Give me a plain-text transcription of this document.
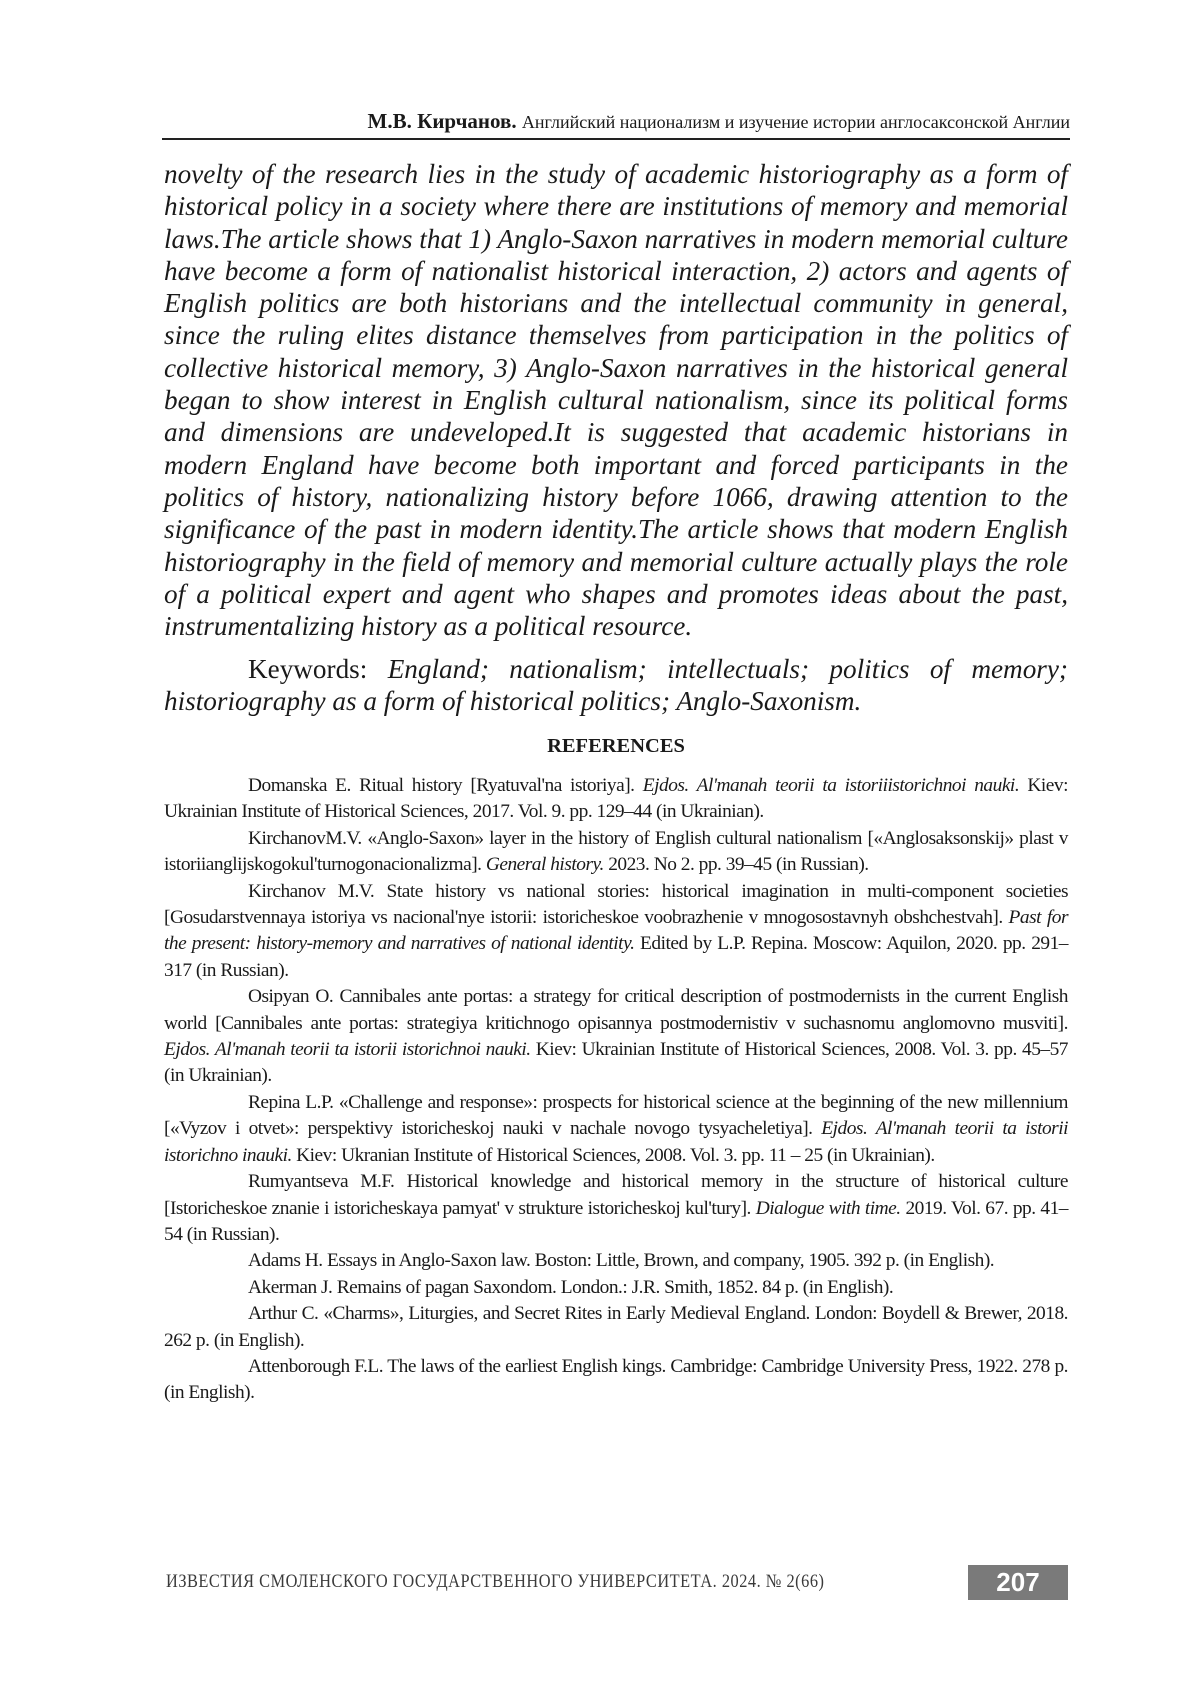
М.В. Кирчанов. Английский национализм и изучение истории англосаксонской Англии

novelty of the research lies in the study of academic historiography as a form of historical policy in a society where there are institutions of memory and memorial laws.The article shows that 1) Anglo-Saxon narratives in modern memorial culture have become a form of nationalist historical interaction, 2) actors and agents of English politics are both historians and the intellectual community in general, since the ruling elites distance themselves from participation in the politics of collective historical memory, 3) Anglo-Saxon narratives in the historical general began to show interest in English cultural nationalism, since its political forms and dimensions are undeveloped.It is suggested that academic historians in modern England have become both important and forced participants in the politics of history, nationalizing history before 1066, drawing attention to the significance of the past in modern identity.The article shows that modern English historiography in the field of memory and memorial culture actually plays the role of a political expert and agent who shapes and promotes ideas about the past, instrumentalizing history as a political resource.

Keywords: England; nationalism; intellectuals; politics of memory; historiography as a form of historical politics; Anglo-Saxonism.

REFERENCES
Domanska E. Ritual history [Ryatuval'na istoriya]. Ejdos. Al'manah teorii ta istoriiistorichnoi nauki. Kiev: Ukrainian Institute of Historical Sciences, 2017. Vol. 9. pp. 129–44 (in Ukrainian).
KirchanovM.V. «Anglo-Saxon» layer in the history of English cultural nationalism [«Anglosaksonskij» plast v istoriianglijskogokul'turnogonacionalizma]. General history. 2023. No 2. pp. 39–45 (in Russian).
Kirchanov M.V. State history vs national stories: historical imagination in multi-component societies [Gosudarstvennaya istoriya vs nacional'nye istorii: istoricheskoe voobrazhenie v mnogosostavnyh obshchestvah]. Past for the present: history-memory and narratives of national identity. Edited by L.P. Repina. Moscow: Aquilon, 2020. pp. 291–317 (in Russian).
Osipyan O. Cannibales ante portas: a strategy for critical description of postmodernists in the current English world [Cannibales ante portas: strategiya kritichnogo opisannya postmodernistiv v suchasnomu anglomovno musviti]. Ejdos. Al'manah teorii ta istorii istorichnoi nauki. Kiev: Ukrainian Institute of Historical Sciences, 2008. Vol. 3. pp. 45–57 (in Ukrainian).
Repina L.P. «Challenge and response»: prospects for historical science at the beginning of the new millennium [«Vyzov i otvet»: perspektivy istoricheskoj nauki v nachale novogo tysyacheletiya]. Ejdos. Al'manah teorii ta istorii istorichno inauki. Kiev: Ukranian Institute of Historical Sciences, 2008. Vol. 3. pp. 11 – 25 (in Ukrainian).
Rumyantseva M.F. Historical knowledge and historical memory in the structure of historical culture [Istoricheskoe znanie i istoricheskaya pamyat' v strukture istoricheskoj kul'tury]. Dialogue with time. 2019. Vol. 67. pp. 41–54 (in Russian).
Adams H. Essays in Anglo-Saxon law. Boston: Little, Brown, and company, 1905. 392 p. (in English).
Akerman J. Remains of pagan Saxondom. London.: J.R. Smith, 1852. 84 p. (in English).
Arthur C. «Charms», Liturgies, and Secret Rites in Early Medieval England. London: Boydell & Brewer, 2018. 262 p. (in English).
Attenborough F.L. The laws of the earliest English kings. Cambridge: Cambridge University Press, 1922. 278 p. (in English).
ИЗВЕСТИЯ СМОЛЕНСКОГО ГОСУДАРСТВЕННОГО УНИВЕРСИТЕТА. 2024. № 2(66)	207
